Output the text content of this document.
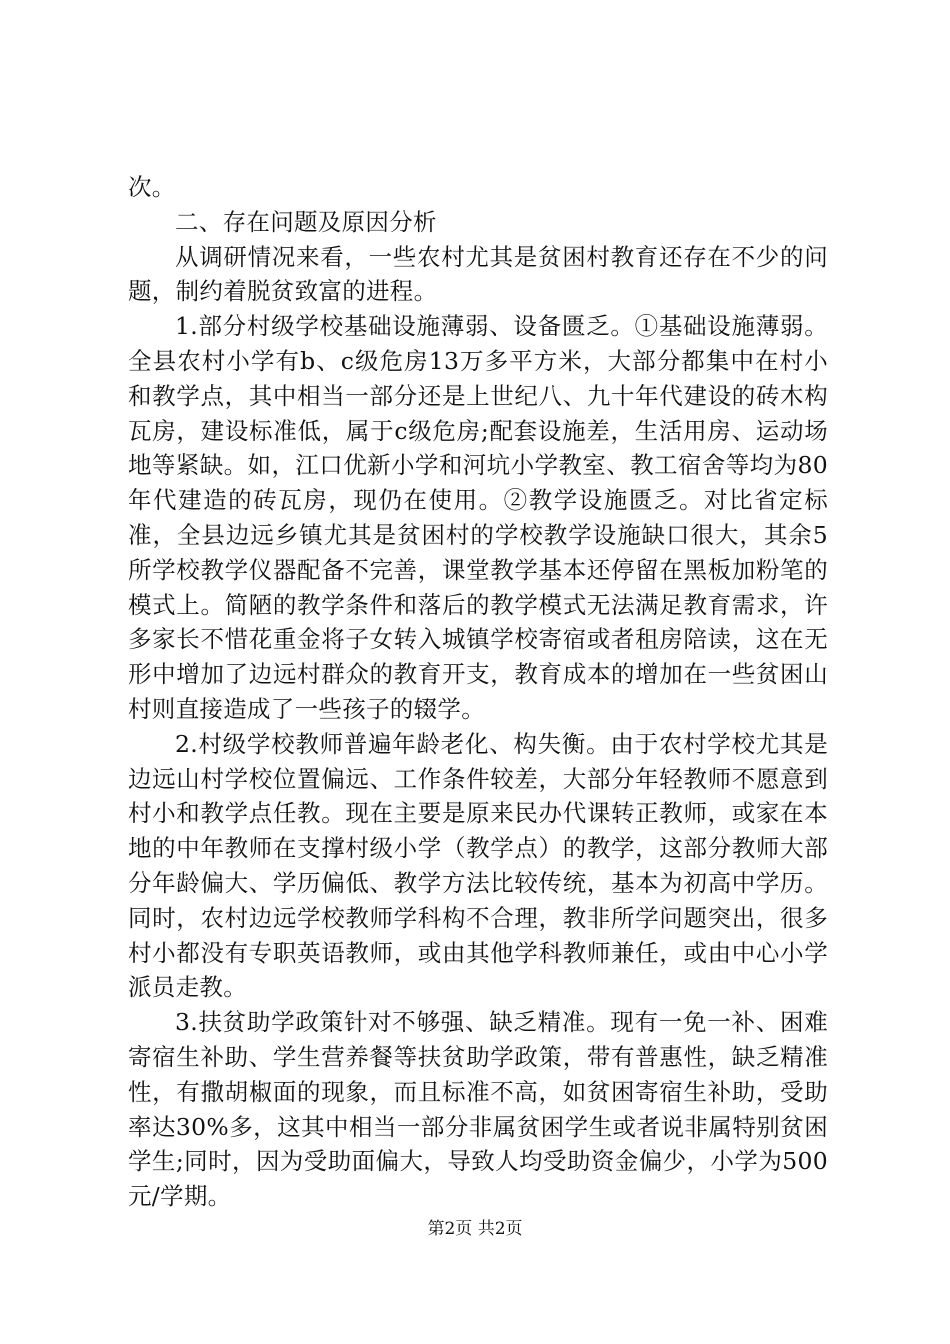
次。

二、存在问题及原因分析

从调研情况来看，一些农村尤其是贫困村教育还存在不少的问题，制约着脱贫致富的进程。

1.部分村级学校基础设施薄弱、设备匮乏。①基础设施薄弱。全县农村小学有b、c级危房13万多平方米，大部分都集中在村小和教学点，其中相当一部分还是上世纪八、九十年代建设的砖木构瓦房，建设标准低，属于c级危房;配套设施差，生活用房、运动场地等紧缺。如，江口优新小学和河坑小学教室、教工宿舍等均为80年代建造的砖瓦房，现仍在使用。②教学设施匮乏。对比省定标准，全县边远乡镇尤其是贫困村的学校教学设施缺口很大，其余5所学校教学仪器配备不完善，课堂教学基本还停留在黑板加粉笔的模式上。简陋的教学条件和落后的教学模式无法满足教育需求，许多家长不惜花重金将子女转入城镇学校寄宿或者租房陪读，这在无形中增加了边远村群众的教育开支，教育成本的增加在一些贫困山村则直接造成了一些孩子的辍学。

2.村级学校教师普遍年龄老化、构失衡。由于农村学校尤其是边远山村学校位置偏远、工作条件较差，大部分年轻教师不愿意到村小和教学点任教。现在主要是原来民办代课转正教师，或家在本地的中年教师在支撑村级小学（教学点）的教学，这部分教师大部分年龄偏大、学历偏低、教学方法比较传统，基本为初高中学历。同时，农村边远学校教师学科构不合理，教非所学问题突出，很多村小都没有专职英语教师，或由其他学科教师兼任，或由中心小学派员走教。

3.扶贫助学政策针对不够强、缺乏精准。现有一免一补、困难寄宿生补助、学生营养餐等扶贫助学政策，带有普惠性，缺乏精准性，有撒胡椒面的现象，而且标准不高，如贫困寄宿生补助，受助率达30%多，这其中相当一部分非属贫困学生或者说非属特别贫困学生;同时，因为受助面偏大，导致人均受助资金偏少，小学为500元/学期。

第2页 共2页
